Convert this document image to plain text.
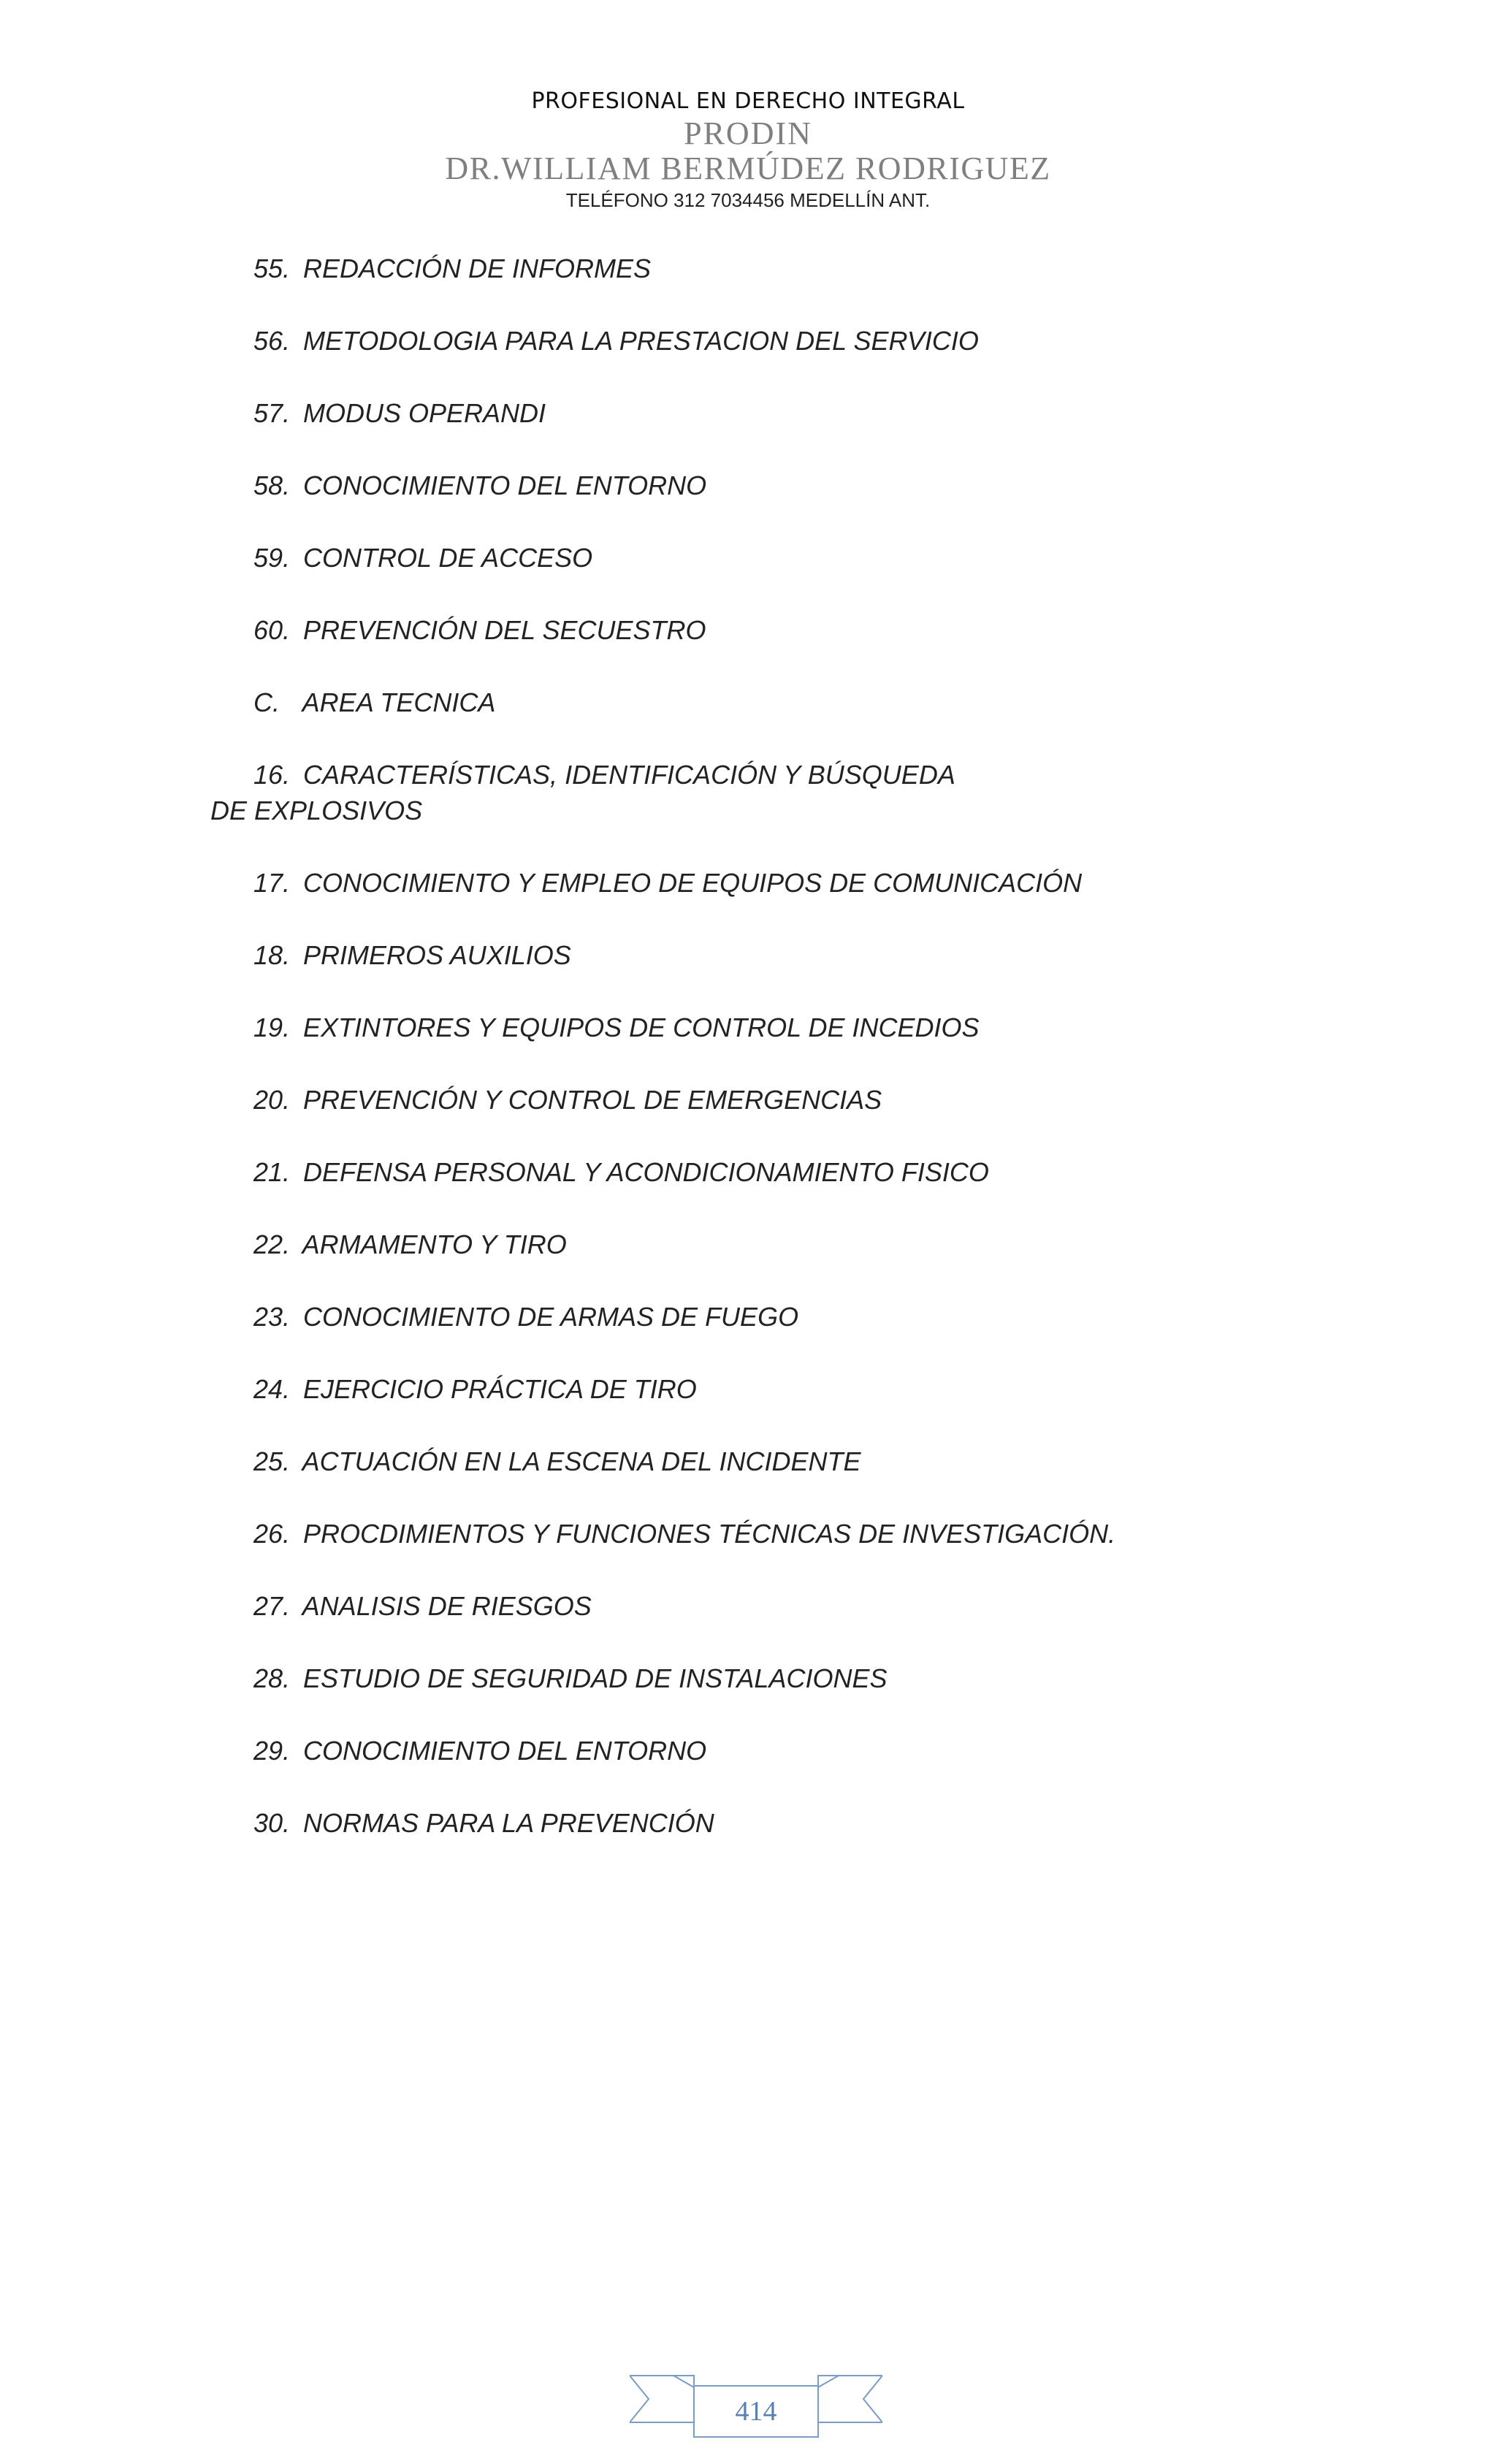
PROFESIONAL EN DERECHO INTEGRAL
PRODIN
DR.WILLIAM BERMÚDEZ RODRIGUEZ
TELÉFONO 312 7034456 MEDELLÍN ANT.
55. REDACCIÓN DE INFORMES
56. METODOLOGIA PARA LA PRESTACION DEL SERVICIO
57. MODUS OPERANDI
58. CONOCIMIENTO DEL ENTORNO
59. CONTROL DE ACCESO
60. PREVENCIÓN DEL SECUESTRO
C. AREA TECNICA
16. CARACTERÍSTICAS, IDENTIFICACIÓN Y BÚSQUEDA
DE EXPLOSIVOS
17. CONOCIMIENTO Y EMPLEO DE EQUIPOS DE COMUNICACIÓN
18. PRIMEROS AUXILIOS
19. EXTINTORES Y EQUIPOS DE CONTROL DE INCEDIOS
20. PREVENCIÓN Y CONTROL DE EMERGENCIAS
21. DEFENSA PERSONAL Y ACONDICIONAMIENTO FISICO
22. ARMAMENTO Y TIRO
23. CONOCIMIENTO DE ARMAS DE FUEGO
24. EJERCICIO PRÁCTICA DE TIRO
25. ACTUACIÓN EN LA ESCENA DEL INCIDENTE
26. PROCDIMIENTOS Y FUNCIONES TÉCNICAS DE INVESTIGACIÓN.
27. ANALISIS DE RIESGOS
28. ESTUDIO DE SEGURIDAD DE INSTALACIONES
29. CONOCIMIENTO DEL ENTORNO
30. NORMAS PARA LA PREVENCIÓN
414
